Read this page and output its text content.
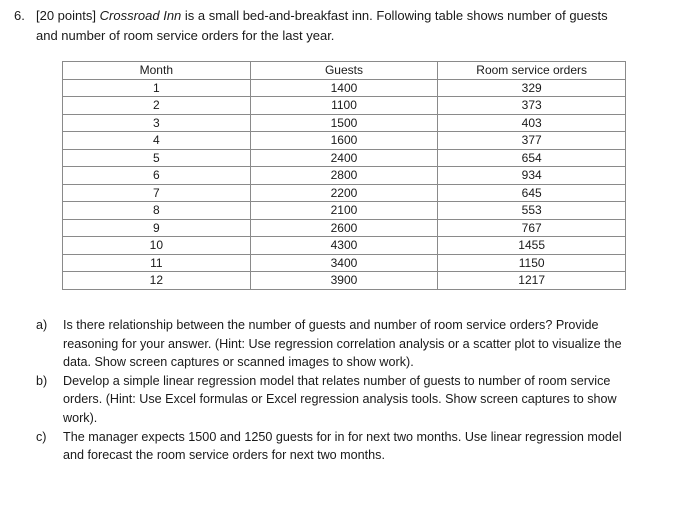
6. [20 points] Crossroad Inn is a small bed-and-breakfast inn. Following table shows number of guests
and number of room service orders for the last year.
Month	Guests	Room service orders
1	1400	329
2	1100	373
3	1500	403
4	1600	377
5	2400	654
6	2800	934
7	2200	645
8	2100	553
9	2600	767
10	4300	1455
11	3400	1150
12	3900	1217
a)	Is there relationship between the number of guests and number of room service orders? Provide reasoning for your answer. (Hint: Use regression correlation analysis or a scatter plot to visualize the data. Show screen captures or scanned images to show work).
b)	Develop a simple linear regression model that relates number of guests to number of room service orders. (Hint: Use Excel formulas or Excel regression analysis tools. Show screen captures to show work).
c)	The manager expects 1500 and 1250 guests for in for next two months. Use linear regression model and forecast the room service orders for next two months.
